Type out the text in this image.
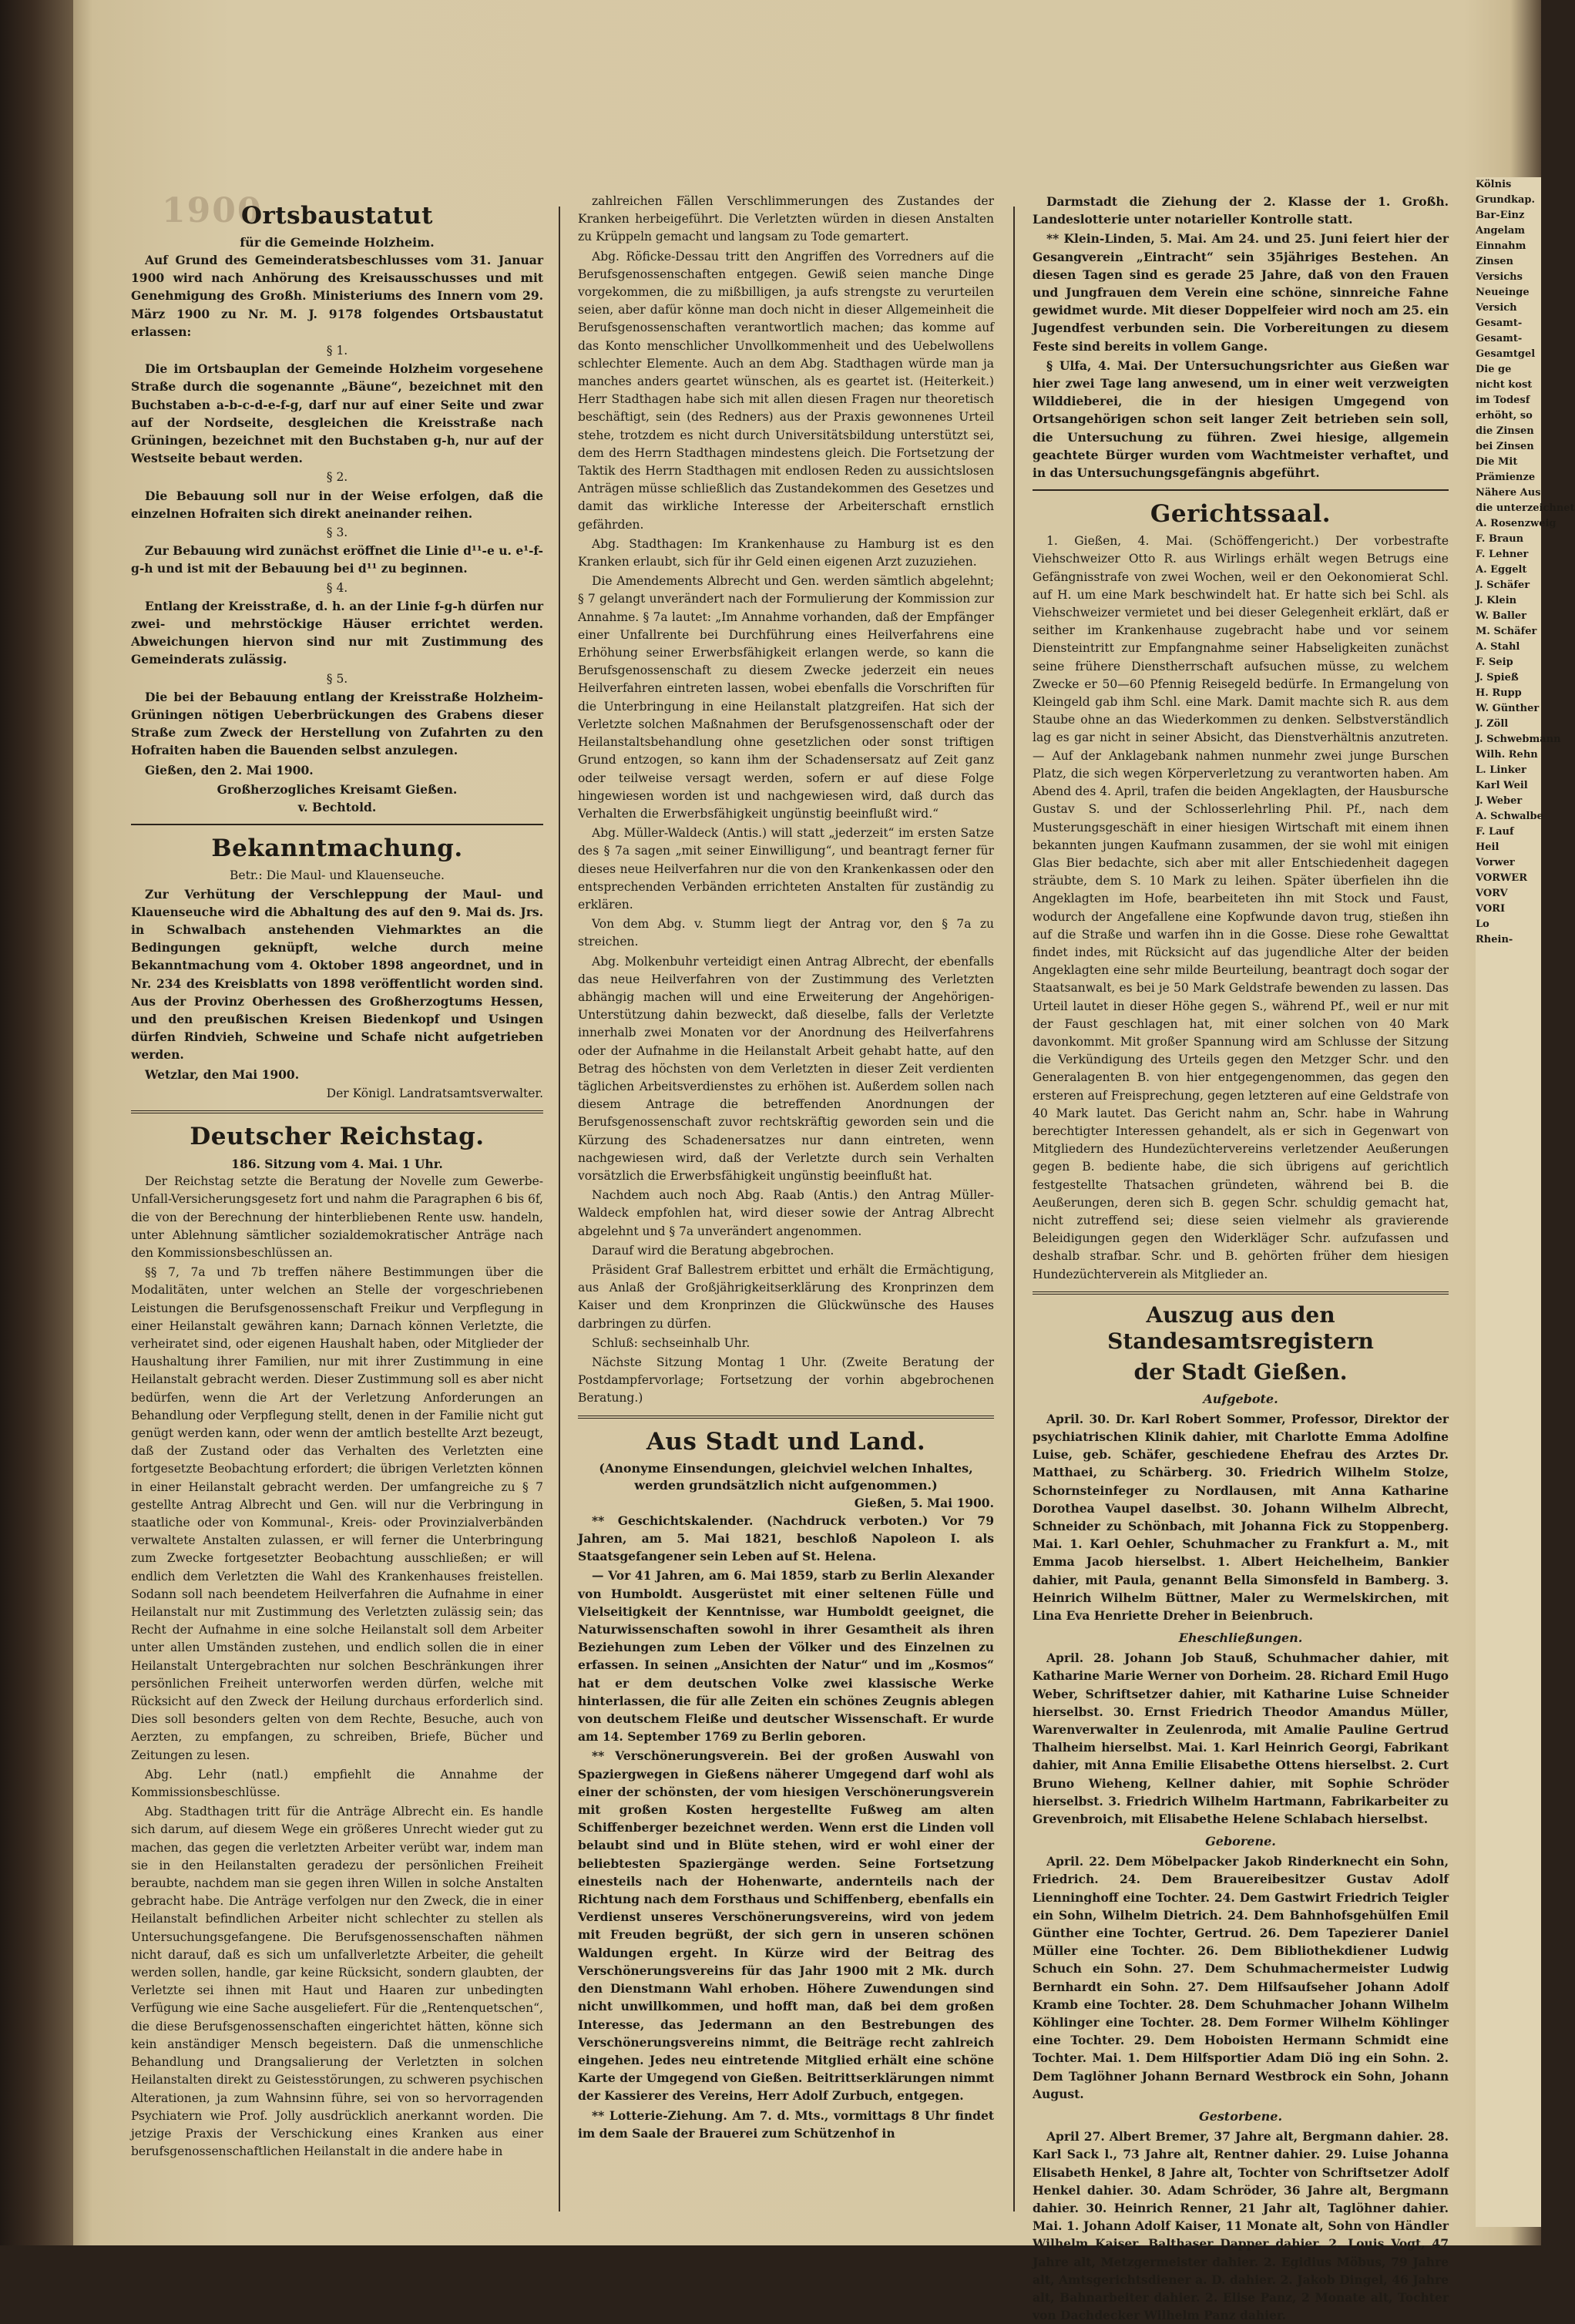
1900
Ortsbaustatut
für die Gemeinde Holzheim.

Auf Grund des Gemeinderatsbeschlusses vom 31. Januar 1900 wird nach Anhörung des Kreisausschusses und mit Genehmigung des Großh. Ministeriums des Innern vom 29. März 1900 zu Nr. M. J. 9178 folgendes Ortsbaustatut erlassen:

§ 1.

Die im Ortsbauplan der Gemeinde Holzheim vorgesehene Straße durch die sogenannte „Bäune“, bezeichnet mit den Buchstaben a-b-c-d-e-f-g, darf nur auf einer Seite und zwar auf der Nordseite, desgleichen die Kreisstraße nach Grüningen, bezeichnet mit den Buchstaben g-h, nur auf der Westseite bebaut werden.

§ 2.

Die Bebauung soll nur in der Weise erfolgen, daß die einzelnen Hofraiten sich direkt aneinander reihen.

§ 3.

Zur Bebauung wird zunächst eröffnet die Linie d¹¹-e u. e¹-f-g-h und ist mit der Bebauung bei d¹¹ zu beginnen.

§ 4.

Entlang der Kreisstraße, d. h. an der Linie f-g-h dürfen nur zwei- und mehrstöckige Häuser errichtet werden. Abweichungen hiervon sind nur mit Zustimmung des Gemeinderats zulässig.

§ 5.

Die bei der Bebauung entlang der Kreisstraße Holzheim-Grüningen nötigen Ueberbrückungen des Grabens dieser Straße zum Zweck der Herstellung von Zufahrten zu den Hofraiten haben die Bauenden selbst anzulegen.

Gießen, den 2. Mai 1900.

Großherzogliches Kreisamt Gießen.
v. Bechtold.
Bekanntmachung.
Betr.: Die Maul- und Klauenseuche.

Zur Verhütung der Verschleppung der Maul- und Klauenseuche wird die Abhaltung des auf den 9. Mai ds. Jrs. in Schwalbach anstehenden Viehmarktes an die Bedingungen geknüpft, welche durch meine Bekanntmachung vom 4. Oktober 1898 angeordnet, und in Nr. 234 des Kreisblatts von 1898 veröffentlicht worden sind. Aus der Provinz Oberhessen des Großherzogtums Hessen, und den preußischen Kreisen Biedenkopf und Usingen dürfen Rindvieh, Schweine und Schafe nicht aufgetrieben werden.

Wetzlar, den Mai 1900.

Der Königl. Landratsamtsverwalter.
Deutscher Reichstag.
186. Sitzung vom 4. Mai. 1 Uhr.

Der Reichstag setzte die Beratung der Novelle zum Gewerbe-Unfall-Versicherungsgesetz fort und nahm die Paragraphen 6 bis 6f, die von der Berechnung der hinterbliebenen Rente usw. handeln, unter Ablehnung sämtlicher sozialdemokratischer Anträge nach den Kommissionsbeschlüssen an.

§§ 7, 7a und 7b treffen nähere Bestimmungen über die Modalitäten, unter welchen an Stelle der vorgeschriebenen Leistungen die Berufsgenossenschaft Freikur und Verpflegung in einer Heilanstalt gewähren kann; Darnach können Verletzte, die verheiratet sind, oder eigenen Haushalt haben, oder Mitglieder der Haushaltung ihrer Familien, nur mit ihrer Zustimmung in eine Heilanstalt gebracht werden. Dieser Zustimmung soll es aber nicht bedürfen, wenn die Art der Verletzung Anforderungen an Behandlung oder Verpflegung stellt, denen in der Familie nicht gut genügt werden kann, oder wenn der amtlich bestellte Arzt bezeugt, daß der Zustand oder das Verhalten des Verletzten eine fortgesetzte Beobachtung erfordert; die übrigen Verletzten können in einer Heilanstalt gebracht werden. Der umfangreiche zu § 7 gestellte Antrag Albrecht und Gen. will nur die Verbringung in staatliche oder von Kommunal-, Kreis- oder Provinzialverbänden verwaltete Anstalten zulassen, er will ferner die Unterbringung zum Zwecke fortgesetzter Beobachtung ausschließen; er will endlich dem Verletzten die Wahl des Krankenhauses freistellen. Sodann soll nach beendetem Heilverfahren die Aufnahme in einer Heilanstalt nur mit Zustimmung des Verletzten zulässig sein; das Recht der Aufnahme in eine solche Heilanstalt soll dem Arbeiter unter allen Umständen zustehen, und endlich sollen die in einer Heilanstalt Untergebrachten nur solchen Beschränkungen ihrer persönlichen Freiheit unterworfen werden dürfen, welche mit Rücksicht auf den Zweck der Heilung durchaus erforderlich sind. Dies soll besonders gelten von dem Rechte, Besuche, auch von Aerzten, zu empfangen, zu schreiben, Briefe, Bücher und Zeitungen zu lesen.

Abg. Lehr (natl.) empfiehlt die Annahme der Kommissionsbeschlüsse.

Abg. Stadthagen tritt für die Anträge Albrecht ein. Es handle sich darum, auf diesem Wege ein größeres Unrecht wieder gut zu machen, das gegen die verletzten Arbeiter verübt war, indem man sie in den Heilanstalten geradezu der persönlichen Freiheit beraubte, nachdem man sie gegen ihren Willen in solche Anstalten gebracht habe. Die Anträge verfolgen nur den Zweck, die in einer Heilanstalt befindlichen Arbeiter nicht schlechter zu stellen als Untersuchungsgefangene. Die Berufsgenossenschaften nähmen nicht darauf, daß es sich um unfallverletzte Arbeiter, die geheilt werden sollen, handle, gar keine Rücksicht, sondern glaubten, der Verletzte sei ihnen mit Haut und Haaren zur unbedingten Verfügung wie eine Sache ausgeliefert. Für die „Rentenquetschen“, die diese Berufsgenossenschaften eingerichtet hätten, könne sich kein anständiger Mensch begeistern. Daß die unmenschliche Behandlung und Drangsalierung der Verletzten in solchen Heilanstalten direkt zu Geistesstörungen, zu schweren psychischen Alterationen, ja zum Wahnsinn führe, sei von so hervorragenden Psychiatern wie Prof. Jolly ausdrücklich anerkannt worden. Die jetzige Praxis der Verschickung eines Kranken aus einer berufsgenossenschaftlichen Heilanstalt in die andere habe in

zahlreichen Fällen Verschlimmerungen des Zustandes der Kranken herbeigeführt. Die Verletzten würden in diesen Anstalten zu Krüppeln gemacht und langsam zu Tode gemartert.

Abg. Röficke-Dessau tritt den Angriffen des Vorredners auf die Berufsgenossenschaften entgegen. Gewiß seien manche Dinge vorgekommen, die zu mißbilligen, ja aufs strengste zu verurteilen seien, aber dafür könne man doch nicht in dieser Allgemeinheit die Berufsgenossenschaften verantwortlich machen; das komme auf das Konto menschlicher Unvollkommenheit und des Uebelwollens schlechter Elemente. Auch an dem Abg. Stadthagen würde man ja manches anders geartet wünschen, als es geartet ist. (Heiterkeit.) Herr Stadthagen habe sich mit allen diesen Fragen nur theoretisch beschäftigt, sein (des Redners) aus der Praxis gewonnenes Urteil stehe, trotzdem es nicht durch Universitätsbildung unterstützt sei, dem des Herrn Stadthagen mindestens gleich. Die Fortsetzung der Taktik des Herrn Stadthagen mit endlosen Reden zu aussichtslosen Anträgen müsse schließlich das Zustandekommen des Gesetzes und damit das wirkliche Interesse der Arbeiterschaft ernstlich gefährden.

Abg. Stadthagen: Im Krankenhause zu Hamburg ist es den Kranken erlaubt, sich für ihr Geld einen eigenen Arzt zuzuziehen.

Die Amendements Albrecht und Gen. werden sämtlich abgelehnt; § 7 gelangt unverändert nach der Formulierung der Kommission zur Annahme. § 7a lautet: „Im Annahme vorhanden, daß der Empfänger einer Unfallrente bei Durchführung eines Heilverfahrens eine Erhöhung seiner Erwerbsfähigkeit erlangen werde, so kann die Berufsgenossenschaft zu diesem Zwecke jederzeit ein neues Heilverfahren eintreten lassen, wobei ebenfalls die Vorschriften für die Unterbringung in eine Heilanstalt platzgreifen. Hat sich der Verletzte solchen Maßnahmen der Berufsgenossenschaft oder der Heilanstaltsbehandlung ohne gesetzlichen oder sonst triftigen Grund entzogen, so kann ihm der Schadensersatz auf Zeit ganz oder teilweise versagt werden, sofern er auf diese Folge hingewiesen worden ist und nachgewiesen wird, daß durch das Verhalten die Erwerbsfähigkeit ungünstig beeinflußt wird.“

Abg. Müller-Waldeck (Antis.) will statt „jederzeit“ im ersten Satze des § 7a sagen „mit seiner Einwilligung“, und beantragt ferner für dieses neue Heilverfahren nur die von den Krankenkassen oder den entsprechenden Verbänden errichteten Anstalten für zuständig zu erklären.

Von dem Abg. v. Stumm liegt der Antrag vor, den § 7a zu streichen.

Abg. Molkenbuhr verteidigt einen Antrag Albrecht, der ebenfalls das neue Heilverfahren von der Zustimmung des Verletzten abhängig machen will und eine Erweiterung der Angehörigen-Unterstützung dahin bezweckt, daß dieselbe, falls der Verletzte innerhalb zwei Monaten vor der Anordnung des Heilverfahrens oder der Aufnahme in die Heilanstalt Arbeit gehabt hatte, auf den Betrag des höchsten von dem Verletzten in dieser Zeit verdienten täglichen Arbeitsverdienstes zu erhöhen ist. Außerdem sollen nach diesem Antrage die betreffenden Anordnungen der Berufsgenossenschaft zuvor rechtskräftig geworden sein und die Kürzung des Schadenersatzes nur dann eintreten, wenn nachgewiesen wird, daß der Verletzte durch sein Verhalten vorsätzlich die Erwerbsfähigkeit ungünstig beeinflußt hat.

Nachdem auch noch Abg. Raab (Antis.) den Antrag Müller-Waldeck empfohlen hat, wird dieser sowie der Antrag Albrecht abgelehnt und § 7a unverändert angenommen.

Darauf wird die Beratung abgebrochen.

Präsident Graf Ballestrem erbittet und erhält die Ermächtigung, aus Anlaß der Großjährigkeitserklärung des Kronprinzen dem Kaiser und dem Kronprinzen die Glückwünsche des Hauses darbringen zu dürfen.

Schluß: sechseinhalb Uhr.

Nächste Sitzung Montag 1 Uhr. (Zweite Beratung der Postdampfervorlage; Fortsetzung der vorhin abgebrochenen Beratung.)

Aus Stadt und Land.
(Anonyme Einsendungen, gleichviel welchen Inhaltes, werden grundsätzlich nicht aufgenommen.)
Gießen, 5. Mai 1900.

** Geschichtskalender. (Nachdruck verboten.) Vor 79 Jahren, am 5. Mai 1821, beschloß Napoleon I. als Staatsgefangener sein Leben auf St. Helena.

— Vor 41 Jahren, am 6. Mai 1859, starb zu Berlin Alexander von Humboldt. Ausgerüstet mit einer seltenen Fülle und Vielseitigkeit der Kenntnisse, war Humboldt geeignet, die Naturwissenschaften sowohl in ihrer Gesamtheit als ihren Beziehungen zum Leben der Völker und des Einzelnen zu erfassen. In seinen „Ansichten der Natur“ und im „Kosmos“ hat er dem deutschen Volke zwei klassische Werke hinterlassen, die für alle Zeiten ein schönes Zeugnis ablegen von deutschem Fleiße und deutscher Wissenschaft. Er wurde am 14. September 1769 zu Berlin geboren.

** Verschönerungsverein. Bei der großen Auswahl von Spaziergwegen in Gießens näherer Umgegend darf wohl als einer der schönsten, der vom hiesigen Verschönerungsverein mit großen Kosten hergestellte Fußweg am alten Schiffenberger bezeichnet werden. Wenn erst die Linden voll belaubt sind und in Blüte stehen, wird er wohl einer der beliebtesten Spaziergänge werden. Seine Fortsetzung einesteils nach der Hohenwarte, andernteils nach der Richtung nach dem Forsthaus und Schiffenberg, ebenfalls ein Verdienst unseres Verschönerungsvereins, wird von jedem mit Freuden begrüßt, der sich gern in unseren schönen Waldungen ergeht. In Kürze wird der Beitrag des Verschönerungsvereins für das Jahr 1900 mit 2 Mk. durch den Dienstmann Wahl erhoben. Höhere Zuwendungen sind nicht unwillkommen, und hofft man, daß bei dem großen Interesse, das Jedermann an den Bestrebungen des Verschönerungsvereins nimmt, die Beiträge recht zahlreich eingehen. Jedes neu eintretende Mitglied erhält eine schöne Karte der Umgegend von Gießen. Beitrittserklärungen nimmt der Kassierer des Vereins, Herr Adolf Zurbuch, entgegen.

** Lotterie-Ziehung. Am 7. d. Mts., vormittags 8 Uhr findet im dem Saale der Brauerei zum Schützenhof in

Darmstadt die Ziehung der 2. Klasse der 1. Großh. Landeslotterie unter notarieller Kontrolle statt.

** Klein-Linden, 5. Mai. Am 24. und 25. Juni feiert hier der Gesangverein „Eintracht“ sein 35jähriges Bestehen. An diesen Tagen sind es gerade 25 Jahre, daß von den Frauen und Jungfrauen dem Verein eine schöne, sinnreiche Fahne gewidmet wurde. Mit dieser Doppelfeier wird noch am 25. ein Jugendfest verbunden sein. Die Vorbereitungen zu diesem Feste sind bereits in vollem Gange.

§ Ulfa, 4. Mai. Der Untersuchungsrichter aus Gießen war hier zwei Tage lang anwesend, um in einer weit verzweigten Wilddieberei, die in der hiesigen Umgegend von Ortsangehörigen schon seit langer Zeit betrieben sein soll, die Untersuchung zu führen. Zwei hiesige, allgemein geachtete Bürger wurden vom Wachtmeister verhaftet, und in das Untersuchungsgefängnis abgeführt.

Gerichtssaal.

1. Gießen, 4. Mai. (Schöffengericht.) Der vorbestrafte Viehschweizer Otto R. aus Wirlings erhält wegen Betrugs eine Gefängnisstrafe von zwei Wochen, weil er den Oekonomierat Schl. auf H. um eine Mark beschwindelt hat. Er hatte sich bei Schl. als Viehschweizer vermietet und bei dieser Gelegenheit erklärt, daß er seither im Krankenhause zugebracht habe und vor seinem Diensteintritt zur Empfangnahme seiner Habseligkeiten zunächst seine frühere Dienstherrschaft aufsuchen müsse, zu welchem Zwecke er 50—60 Pfennig Reisegeld bedürfe. In Ermangelung von Kleingeld gab ihm Schl. eine Mark. Damit machte sich R. aus dem Staube ohne an das Wiederkommen zu denken. Selbstverständlich lag es gar nicht in seiner Absicht, das Dienstverhältnis anzutreten. — Auf der Anklagebank nahmen nunmehr zwei junge Burschen Platz, die sich wegen Körperverletzung zu verantworten haben. Am Abend des 4. April, trafen die beiden Angeklagten, der Hausbursche Gustav S. und der Schlosserlehrling Phil. Pf., nach dem Musterungsgeschäft in einer hiesigen Wirtschaft mit einem ihnen bekannten jungen Kaufmann zusammen, der sie wohl mit einigen Glas Bier bedachte, sich aber mit aller Entschiedenheit dagegen sträubte, dem S. 10 Mark zu leihen. Später überfielen ihn die Angeklagten im Hofe, bearbeiteten ihn mit Stock und Faust, wodurch der Angefallene eine Kopfwunde davon trug, stießen ihn auf die Straße und warfen ihn in die Gosse. Diese rohe Gewalttat findet indes, mit Rücksicht auf das jugendliche Alter der beiden Angeklagten eine sehr milde Beurteilung, beantragt doch sogar der Staatsanwalt, es bei je 50 Mark Geldstrafe bewenden zu lassen. Das Urteil lautet in dieser Höhe gegen S., während Pf., weil er nur mit der Faust geschlagen hat, mit einer solchen von 40 Mark davonkommt. Mit großer Spannung wird am Schlusse der Sitzung die Verkündigung des Urteils gegen den Metzger Schr. und den Generalagenten B. von hier entgegengenommen, das gegen den ersteren auf Freisprechung, gegen letzteren auf eine Geldstrafe von 40 Mark lautet. Das Gericht nahm an, Schr. habe in Wahrung berechtigter Interessen gehandelt, als er sich in Gegenwart von Mitgliedern des Hundezüchtervereins verletzender Aeußerungen gegen B. bediente habe, die sich übrigens auf gerichtlich festgestellte Thatsachen gründeten, während bei B. die Aeußerungen, deren sich B. gegen Schr. schuldig gemacht hat, nicht zutreffend sei; diese seien vielmehr als gravierende Beleidigungen gegen den Widerkläger Schr. aufzufassen und deshalb strafbar. Schr. und B. gehörten früher dem hiesigen Hundezüchterverein als Mitglieder an.

Auszug aus den Standesamtsregistern
der Stadt Gießen.
Aufgebote.

April. 30. Dr. Karl Robert Sommer, Professor, Direktor der psychiatrischen Klinik dahier, mit Charlotte Emma Adolfine Luise, geb. Schäfer, geschiedene Ehefrau des Arztes Dr. Matthaei, zu Schärberg. 30. Friedrich Wilhelm Stolze, Schornsteinfeger zu Nordlausen, mit Anna Katharine Dorothea Vaupel daselbst. 30. Johann Wilhelm Albrecht, Schneider zu Schönbach, mit Johanna Fick zu Stoppenberg. Mai. 1. Karl Oehler, Schuhmacher zu Frankfurt a. M., mit Emma Jacob hierselbst. 1. Albert Heichelheim, Bankier dahier, mit Paula, genannt Bella Simonsfeld in Bamberg. 3. Heinrich Wilhelm Büttner, Maler zu Wermelskirchen, mit Lina Eva Henriette Dreher in Beienbruch.

Eheschließungen.

April. 28. Johann Job Stauß, Schuhmacher dahier, mit Katharine Marie Werner von Dorheim. 28. Richard Emil Hugo Weber, Schriftsetzer dahier, mit Katharine Luise Schneider hierselbst. 30. Ernst Friedrich Theodor Amandus Müller, Warenverwalter in Zeulenroda, mit Amalie Pauline Gertrud Thalheim hierselbst. Mai. 1. Karl Heinrich Georgi, Fabrikant dahier, mit Anna Emilie Elisabethe Ottens hierselbst. 2. Curt Bruno Wieheng, Kellner dahier, mit Sophie Schröder hierselbst. 3. Friedrich Wilhelm Hartmann, Fabrikarbeiter zu Grevenbroich, mit Elisabethe Helene Schlabach hierselbst.

Geborene.

April. 22. Dem Möbelpacker Jakob Rinderknecht ein Sohn, Friedrich. 24. Dem Brauereibesitzer Gustav Adolf Lienninghoff eine Tochter. 24. Dem Gastwirt Friedrich Teigler ein Sohn, Wilhelm Dietrich. 24. Dem Bahnhofsgehülfen Emil Günther eine Tochter, Gertrud. 26. Dem Tapezierer Daniel Müller eine Tochter. 26. Dem Bibliothekdiener Ludwig Schuch ein Sohn. 27. Dem Schuhmachermeister Ludwig Bernhardt ein Sohn. 27. Dem Hilfsaufseher Johann Adolf Kramb eine Tochter. 28. Dem Schuhmacher Johann Wilhelm Köhlinger eine Tochter. 28. Dem Former Wilhelm Köhlinger eine Tochter. 29. Dem Hoboisten Hermann Schmidt eine Tochter. Mai. 1. Dem Hilfsportier Adam Diö ing ein Sohn. 2. Dem Taglöhner Johann Bernard Westbrock ein Sohn, Johann August.

Gestorbene.

April 27. Albert Bremer, 37 Jahre alt, Bergmann dahier. 28. Karl Sack l., 73 Jahre alt, Rentner dahier. 29. Luise Johanna Elisabeth Henkel, 8 Jahre alt, Tochter von Schriftsetzer Adolf Henkel dahier. 30. Adam Schröder, 36 Jahre alt, Bergmann dahier. 30. Heinrich Renner, 21 Jahr alt, Taglöhner dahier. Mai. 1. Johann Adolf Kaiser, 11 Monate alt, Sohn von Händler Wilhelm Kaiser. Balthaser Dapper dahier. 2. Louis Vogt, 47 Jahre alt, Metzgermeister dahier. 2. Egidius Möbus, 79 Jahre alt, Amtsgerichtsdiener a. D. dahier. 2. Jakob Dingel, 46 Jahre alt, Bahnarbeiter dahier. 2. Elise Panz, 2 Monate alt, Tochter von Dachdecker Wilhelm Panz dahier.

Kölnis
Grundkap.
Bar-Einz
Angelam
Einnahm
Zinsen
Versichs
Neueinge
Versich
Gesamt-
Gesamt-
Gesamtgel
Die ge
nicht kost
im Todesf
erhöht, so
die Zinsen
bei Zinsen
Die Mit
Prämienze
Nähere Aus
die unterzeichnet
A. Rosenzweig
F. Braun
F. Lehner
A. Eggelt
J. Schäfer
J. Klein
W. Baller
M. Schäfer
A. Stahl
F. Seip
J. Spieß
H. Rupp
W. Günther
J. Zöll
J. Schwebmann
Wilh. Rehn
L. Linker
Karl Weil
J. Weber
A. Schwalbe
F. Lauf
Heil
Vorwer
VORWER
VORV
VORI
Lo
Rhein-
